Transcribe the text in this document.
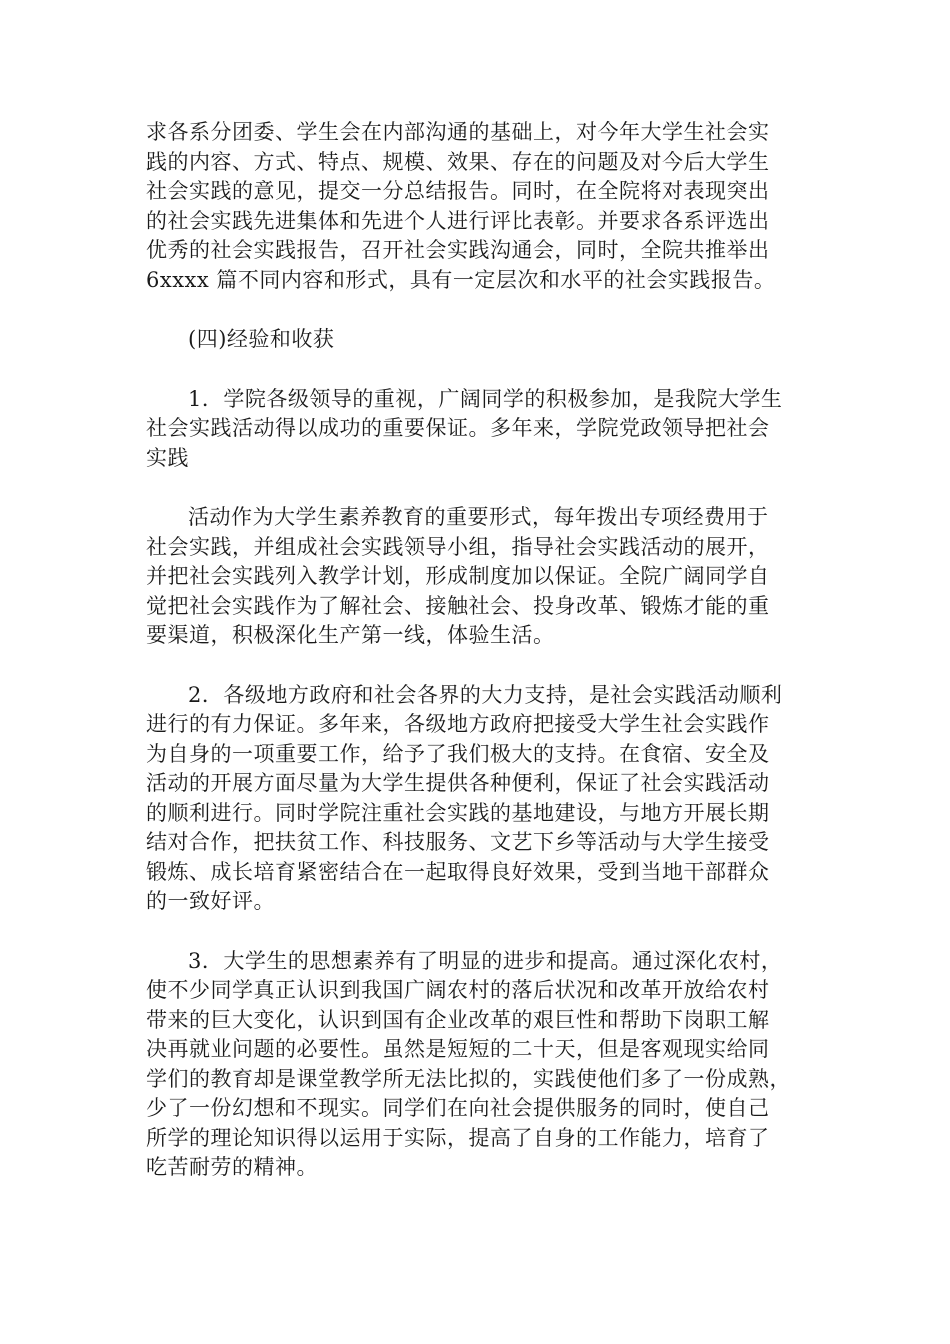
求各系分团委、学生会在内部沟通的基础上，对今年大学生社会实
践的内容、方式、特点、规模、效果、存在的问题及对今后大学生
社会实践的意见，提交一分总结报告。同时，在全院将对表现突出
的社会实践先进集体和先进个人进行评比表彰。并要求各系评选出
优秀的社会实践报告，召开社会实践沟通会，同时，全院共推举出
6xxxx 篇不同内容和形式，具有一定层次和水平的社会实践报告。
(四)经验和收获
1．学院各级领导的重视，广阔同学的积极参加，是我院大学生
社会实践活动得以成功的重要保证。多年来，学院党政领导把社会
实践
活动作为大学生素养教育的重要形式，每年拨出专项经费用于
社会实践，并组成社会实践领导小组，指导社会实践活动的展开，
并把社会实践列入教学计划，形成制度加以保证。全院广阔同学自
觉把社会实践作为了解社会、接触社会、投身改革、锻炼才能的重
要渠道，积极深化生产第一线，体验生活。
2．各级地方政府和社会各界的大力支持，是社会实践活动顺利
进行的有力保证。多年来，各级地方政府把接受大学生社会实践作
为自身的一项重要工作，给予了我们极大的支持。在食宿、安全及
活动的开展方面尽量为大学生提供各种便利，保证了社会实践活动
的顺利进行。同时学院注重社会实践的基地建设，与地方开展长期
结对合作，把扶贫工作、科技服务、文艺下乡等活动与大学生接受
锻炼、成长培育紧密结合在一起取得良好效果，受到当地干部群众
的一致好评。
3．大学生的思想素养有了明显的进步和提高。通过深化农村，
使不少同学真正认识到我国广阔农村的落后状况和改革开放给农村
带来的巨大变化，认识到国有企业改革的艰巨性和帮助下岗职工解
决再就业问题的必要性。虽然是短短的二十天，但是客观现实给同
学们的教育却是课堂教学所无法比拟的，实践使他们多了一份成熟，
少了一份幻想和不现实。同学们在向社会提供服务的同时，使自己
所学的理论知识得以运用于实际，提高了自身的工作能力，培育了
吃苦耐劳的精神。
